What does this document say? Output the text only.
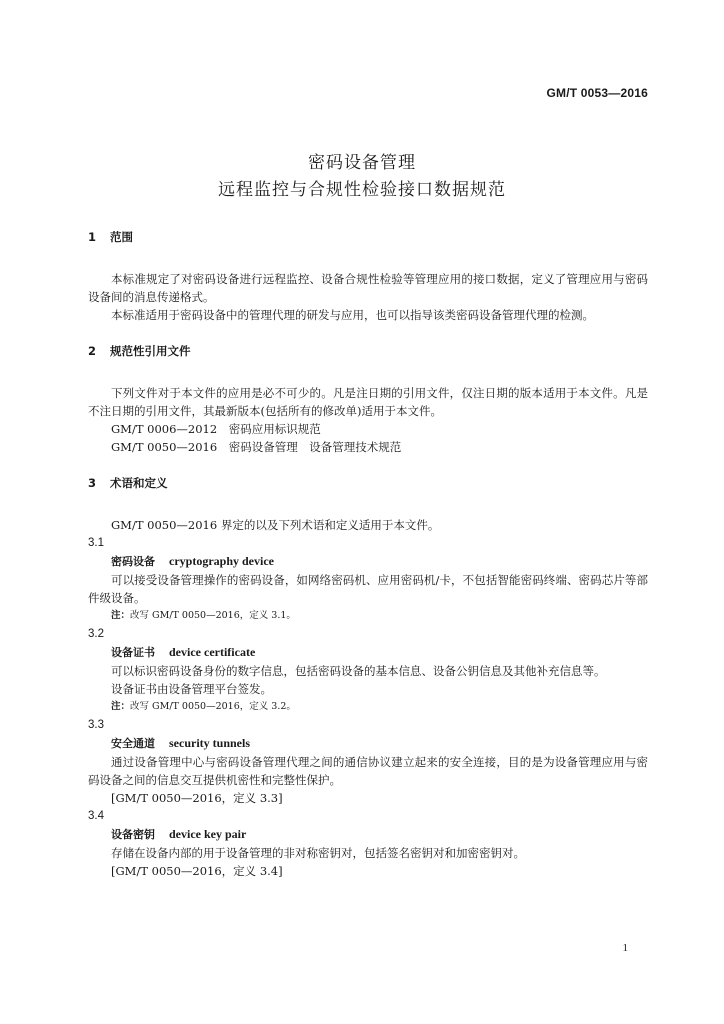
GM/T 0053—2016
密码设备管理
远程监控与合规性检验接口数据规范

1 范围

本标准规定了对密码设备进行远程监控、设备合规性检验等管理应用的接口数据，定义了管理应用与密码设备间的消息传递格式。

本标准适用于密码设备中的管理代理的研发与应用，也可以指导该类密码设备管理代理的检测。

2 规范性引用文件

下列文件对于本文件的应用是必不可少的。凡是注日期的引用文件，仅注日期的版本适用于本文件。凡是不注日期的引用文件，其最新版本(包括所有的修改单)适用于本文件。

GM/T 0006—2012　密码应用标识规范

GM/T 0050—2016　密码设备管理　设备管理技术规范

3 术语和定义

GM/T 0050—2016 界定的以及下列术语和定义适用于本文件。

3.1

密码设备 cryptography device

可以接受设备管理操作的密码设备，如网络密码机、应用密码机/卡，不包括智能密码终端、密码芯片等部件级设备。

注：改写 GM/T 0050—2016，定义 3.1。

3.2

设备证书 device certificate

可以标识密码设备身份的数字信息，包括密码设备的基本信息、设备公钥信息及其他补充信息等。

设备证书由设备管理平台签发。

注：改写 GM/T 0050—2016，定义 3.2。

3.3

安全通道 security tunnels

通过设备管理中心与密码设备管理代理之间的通信协议建立起来的安全连接，目的是为设备管理应用与密码设备之间的信息交互提供机密性和完整性保护。

[GM/T 0050—2016，定义 3.3]

3.4

设备密钥 device key pair

存储在设备内部的用于设备管理的非对称密钥对，包括签名密钥对和加密密钥对。

[GM/T 0050—2016，定义 3.4]

1
